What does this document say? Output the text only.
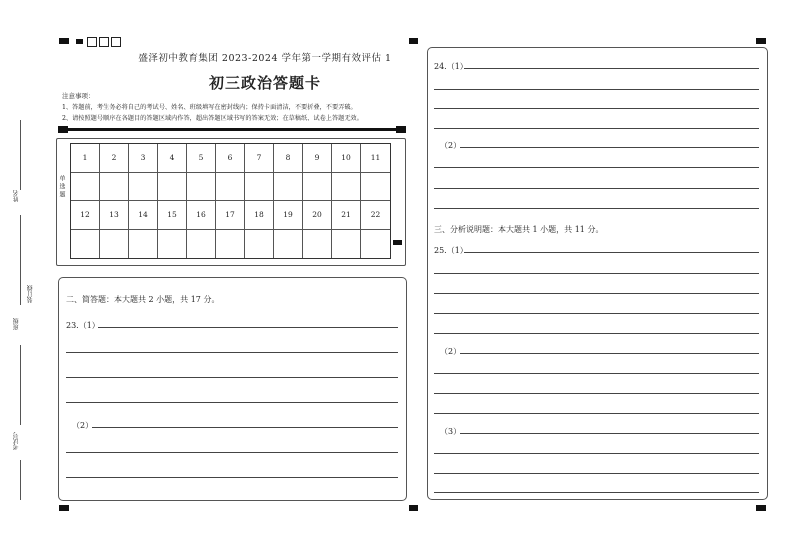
姓名
装订线
班级
考试号
盛泽初中教育集团 2023-2024 学年第一学期有效评估 1
初三政治答题卡
注意事项：
1、答题前，考生务必将自己的考试号、姓名、班级填写在密封线内；保持卡面清洁，不要折叠，不要弄破。
2、请按照题号顺序在各题目的答题区域内作答，超出答题区域书写的答案无效；在草稿纸、试卷上答题无效。
单选题
1	2	3	4	5	6	7	8	9	10	11
12	13	14	15	16	17	18	19	20	21	22
二、简答题：本大题共 2 小题，共 17 分。
23.（1）
（2）
24.（1）
（2）
三、分析说明题：本大题共 1 小题，共 11 分。
25.（1）
（2）
（3）
